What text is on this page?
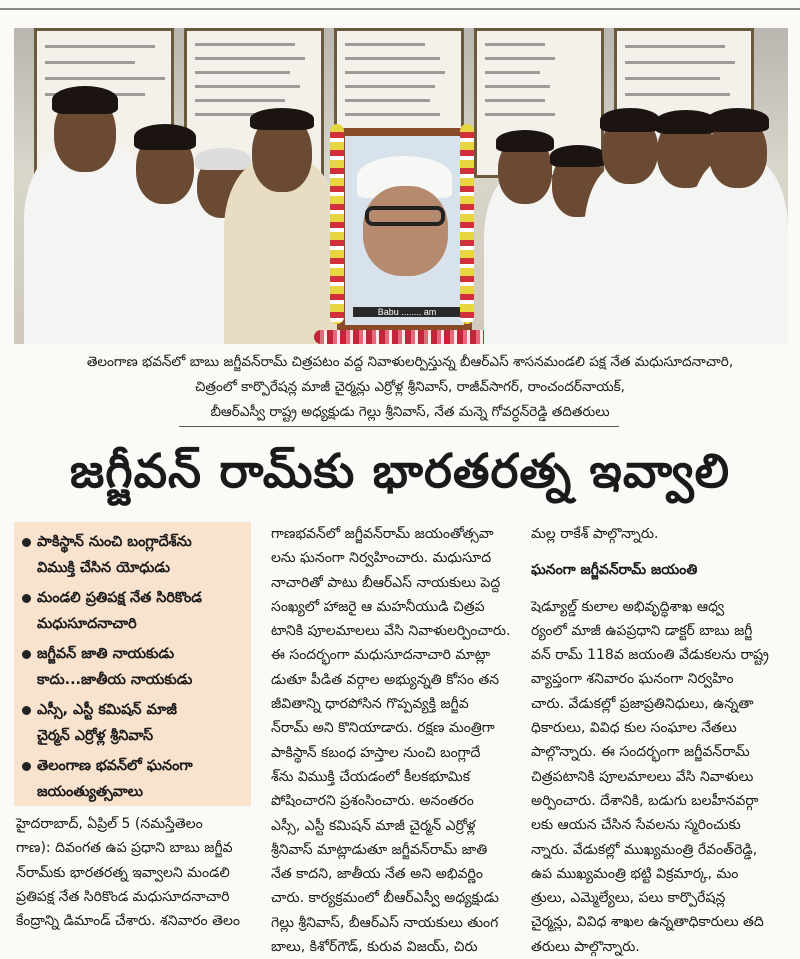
Babu ........ am
తెలంగాణ భవన్‌లో బాబు జగ్జీవన్‌రామ్ చిత్రపటం వద్ద నివాళులర్పిస్తున్న బీఆర్ఎస్ శాసనమండలి పక్ష నేత మధుసూదనాచారి,
చిత్రంలో కార్పొరేషన్ల మాజీ చైర్మన్లు ఎర్రోళ్ల శ్రీనివాస్, రాజీవ్‌సాగర్, రాంచందర్‌నాయక్,
బీఆర్ఎస్వీ రాష్ట్ర అధ్యక్షుడు గెల్లు శ్రీనివాస్, నేత మన్నె గోవర్ధన్‌రెడ్డి తదితరులు
జగ్జీవన్ రామ్‌కు భారతరత్న ఇవ్వాలి
పాకిస్థాన్ నుంచి బంగ్లాదేశ్‌ను
విముక్తి చేసిన యోధుడు
మండలి ప్రతిపక్ష నేత సిరికొండ
మధుసూదనాచారి
జగ్జీవన్ జాతి నాయకుడు
కాదు...జాతీయ నాయకుడు
ఎస్సీ, ఎస్టీ కమిషన్ మాజీ
చైర్మన్ ఎర్రోళ్ల శ్రీనివాస్
తెలంగాణ భవన్‌లో ఘనంగా
జయంత్యుత్సవాలు
హైదరాబాద్, ఏప్రిల్ 5 (నమస్తేతెలం
గాణ): దివంగత ఉప ప్రధాని బాబు జగ్జీవ
న్‌రామ్‌కు భారతరత్న ఇవ్వాలని మండలి
ప్రతిపక్ష నేత సిరికొండ మధుసూదనాచారి
కేంద్రాన్ని డిమాండ్ చేశారు. శనివారం తెలం
గాణభవన్‌లో జగ్జీవన్‌రామ్ జయంతోత్సవా
లను ఘనంగా నిర్వహించారు. మధుసూద
నాచారితో పాటు బీఆర్ఎస్ నాయకులు పెద్ద
సంఖ్యలో హాజరై ఆ మహనీయుడి చిత్రప
టానికి పూలమాలలు వేసి నివాళులర్పించారు.
ఈ సందర్భంగా మధుసూదనాచారి మాట్లా
డుతూ పీడిత వర్గాల అభ్యున్నతి కోసం తన
జీవితాన్ని ధారపోసిన గొప్పవ్యక్తి జగ్జీవ
న్‌రామ్ అని కొనియాడారు. రక్షణ మంత్రిగా
పాకిస్థాన్ కబంధ హస్తాల నుంచి బంగ్లాదే
శ్‌ను విముక్తి చేయడంలో కీలకభూమిక
పోషించారని ప్రశంసించారు. అనంతరం
ఎస్సీ, ఎస్టీ కమిషన్ మాజీ చైర్మన్ ఎర్రోళ్ల
శ్రీనివాస్ మాట్లాడుతూ జగ్జీవన్‌రామ్ జాతి
నేత కాదని, జాతీయ నేత అని అభివర్ణిం
చారు. కార్యక్రమంలో బీఆర్ఎస్వీ అధ్యక్షుడు
గెల్లు శ్రీనివాస్, బీఆర్ఎస్ నాయకులు తుంగ
బాలు, కిశోర్‌గౌడ్, కురువ విజయ్, చిరు
మల్ల రాకేశ్ పాల్గొన్నారు.
ఘనంగా జగ్జీవన్‌రామ్ జయంతి
షెడ్యూల్డ్ కులాల అభివృద్ధిశాఖ ఆధ్వ
ర్యంలో మాజీ ఉపప్రధాని డాక్టర్ బాబు జగ్జీ
వన్ రామ్ 118వ జయంతి వేడుకలను రాష్ట్ర
వ్యాప్తంగా శనివారం ఘనంగా నిర్వహిం
చారు. వేడుకల్లో ప్రజాప్రతినిధులు, ఉన్నతా
ధికారులు, వివిధ కుల సంఘాల నేతలు
పాల్గొన్నారు. ఈ సందర్భంగా జగ్జీవన్‌రామ్
చిత్రపటానికి పూలమాలలు వేసి నివాళులు
అర్పించారు. దేశానికి, బడుగు బలహీనవర్గా
లకు ఆయన చేసిన సేవలను స్మరించుకు
న్నారు. వేడుకల్లో ముఖ్యమంత్రి రేవంత్‌రెడ్డి,
ఉప ముఖ్యమంత్రి భట్టి విక్రమార్క, మం
త్రులు, ఎమ్మెల్యేలు, పలు కార్పొరేషన్ల
చైర్మన్లు, వివిధ శాఖల ఉన్నతాధికారులు తది
తరులు పాల్గొన్నారు.
